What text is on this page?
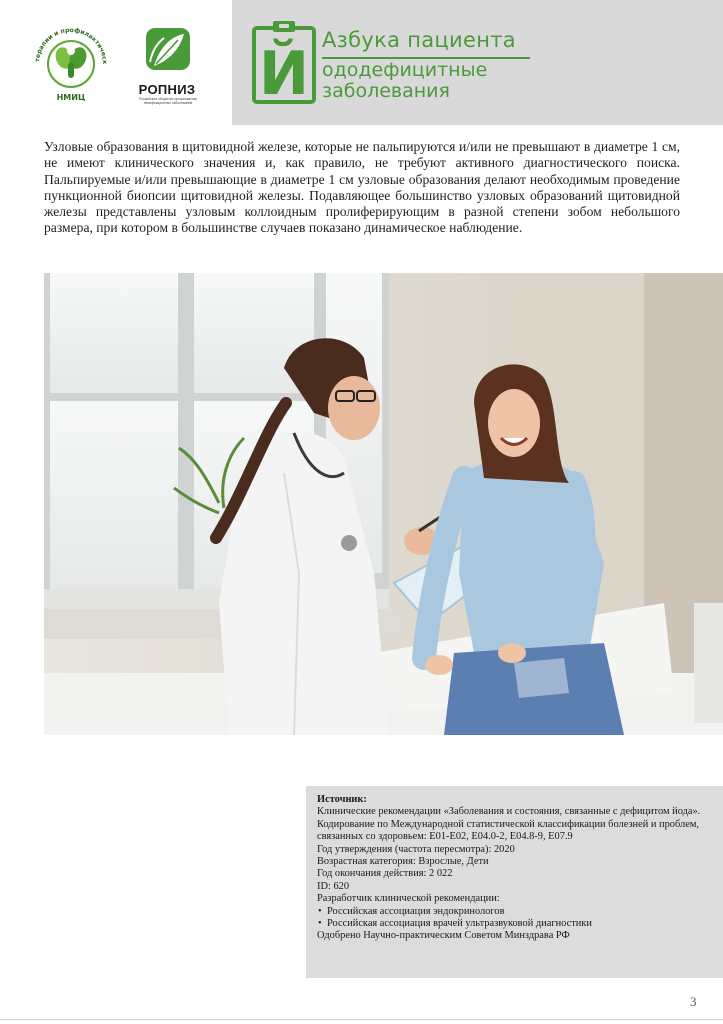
терапии и профилактическ
НМИЦ
РОПНИЗ
Российское общество профилактики неинфекционных заболеваний Й Азбука пациента
ододефицитные
заболевания

Узловые образования в щитовидной железе, которые не пальпируются и/или не превышают в диаметре 1 см, не имеют клинического значения и, как правило, не требуют активного диагностического поиска. Пальпируемые и/или превышающие в диаметре 1 см узловые образования делают необходимым проведение пункционной биопсии щитовидной железы. Подавляющее большинство узловых образований щитовидной железы представлены узловым коллоидным пролиферирующим в разной степени зобом небольшого размера, при котором в большинстве случаев показано динамическое наблюдение.

Источник:

Клинические рекомендации «Заболевания и состояния, связанные с дефицитом йода». Кодирование по Международной статистической классификации болезней и проблем, связанных со здоровьем: E01-E02, E04.0-2, E04.8-9, E07.9

Год утверждения (частота пересмотра): 2020

Возрастная категория: Взрослые, Дети

Год окончания действия: 2 022

ID: 620

Разработчик клинической рекомендации:

• Российская ассоциация эндокринологов
• Российская ассоциация врачей ультразвуковой диагностики

Одобрено Научно-практическим Советом Минздрава РФ

3
